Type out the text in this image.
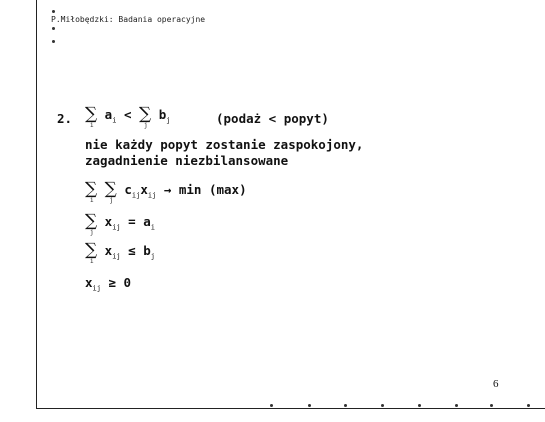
P.Miłobędzki: Badania operacyjne
2. ∑
i
$a_i$ < ∑
j
$b_j$	(podaż < popyt)
nie każdy popyt zostanie zaspokojony,
zagadnienie niezbilansowane
∑
i
∑
j
$c_{ij}x_{ij} \to \min (\max)$
∑
j
$x_{ij} = a_i$
∑
i
$x_{ij} \le b_j$
$x_{ij} \ge 0$
6
